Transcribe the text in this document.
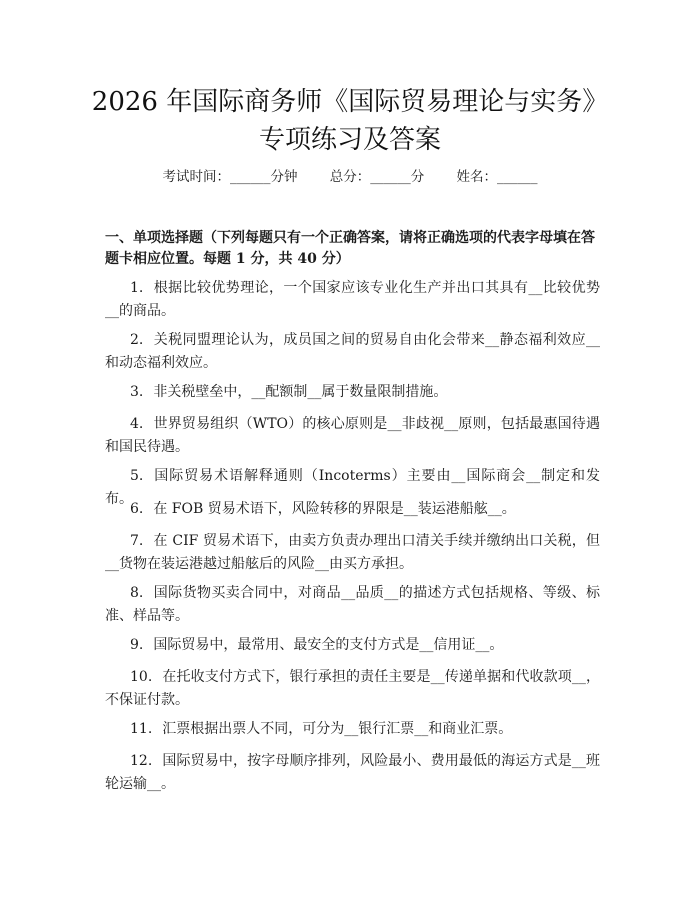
2026 年国际商务师《国际贸易理论与实务》
专项练习及答案
考试时间：______分钟 总分：______分 姓名：______

一、单项选择题（下列每题只有一个正确答案，请将正确选项的代表字母填在答题卡相应位置。每题 1 分，共 40 分）

1. 根据比较优势理论，一个国家应该专业化生产并出口其具有__比较优势__的商品。

2. 关税同盟理论认为，成员国之间的贸易自由化会带来__静态福利效应__和动态福利效应。

3. 非关税壁垒中，__配额制__属于数量限制措施。

4. 世界贸易组织（WTO）的核心原则是__非歧视__原则，包括最惠国待遇和国民待遇。

5. 国际贸易术语解释通则（Incoterms）主要由__国际商会__制定和发布。

6. 在 FOB 贸易术语下，风险转移的界限是__装运港船舷__。

7. 在 CIF 贸易术语下，由卖方负责办理出口清关手续并缴纳出口关税，但__货物在装运港越过船舷后的风险__由买方承担。

8. 国际货物买卖合同中，对商品__品质__的描述方式包括规格、等级、标准、样品等。

9. 国际贸易中，最常用、最安全的支付方式是__信用证__。

10. 在托收支付方式下，银行承担的责任主要是__传递单据和代收款项__，不保证付款。

11. 汇票根据出票人不同，可分为__银行汇票__和商业汇票。

12. 国际贸易中，按字母顺序排列，风险最小、费用最低的海运方式是__班轮运输__。
